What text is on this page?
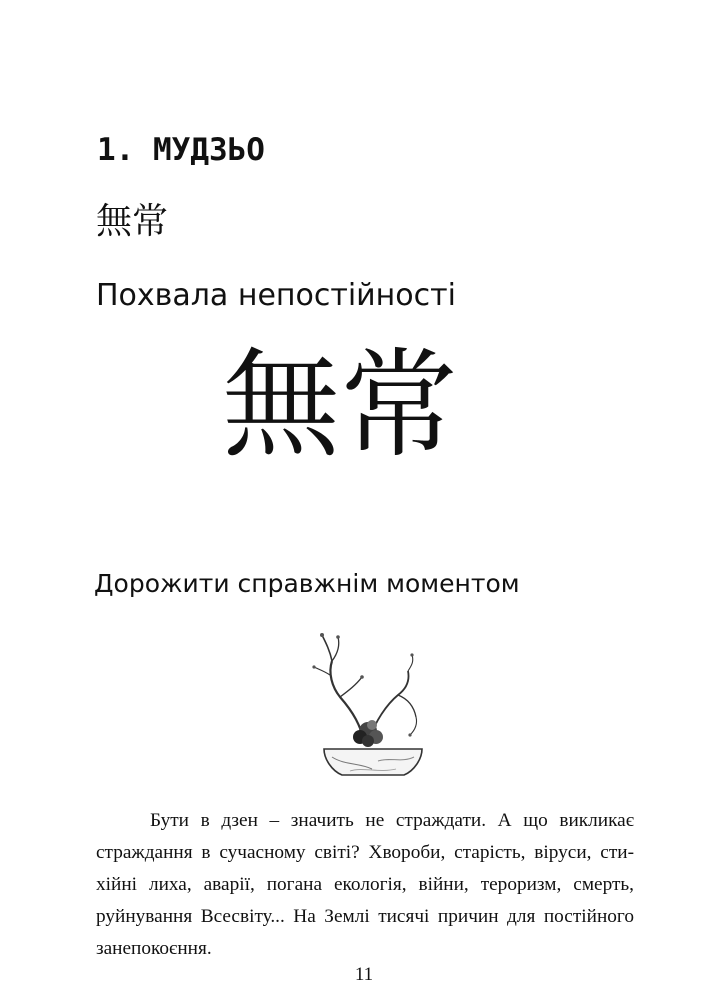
1. МУДЗЬО
無常
Похвала непостійності
無常
Дорожити справжнім моментом

Бути в дзен – значить не страждати. А що викликає страждання в сучасному світі? Хвороби, старість, віруси, сти-хійні лиха, аварії, погана екологія, війни, тероризм, смерть, руйнування Всесвіту... На Землі тисячі причин для постійного занепокоєння.

11
